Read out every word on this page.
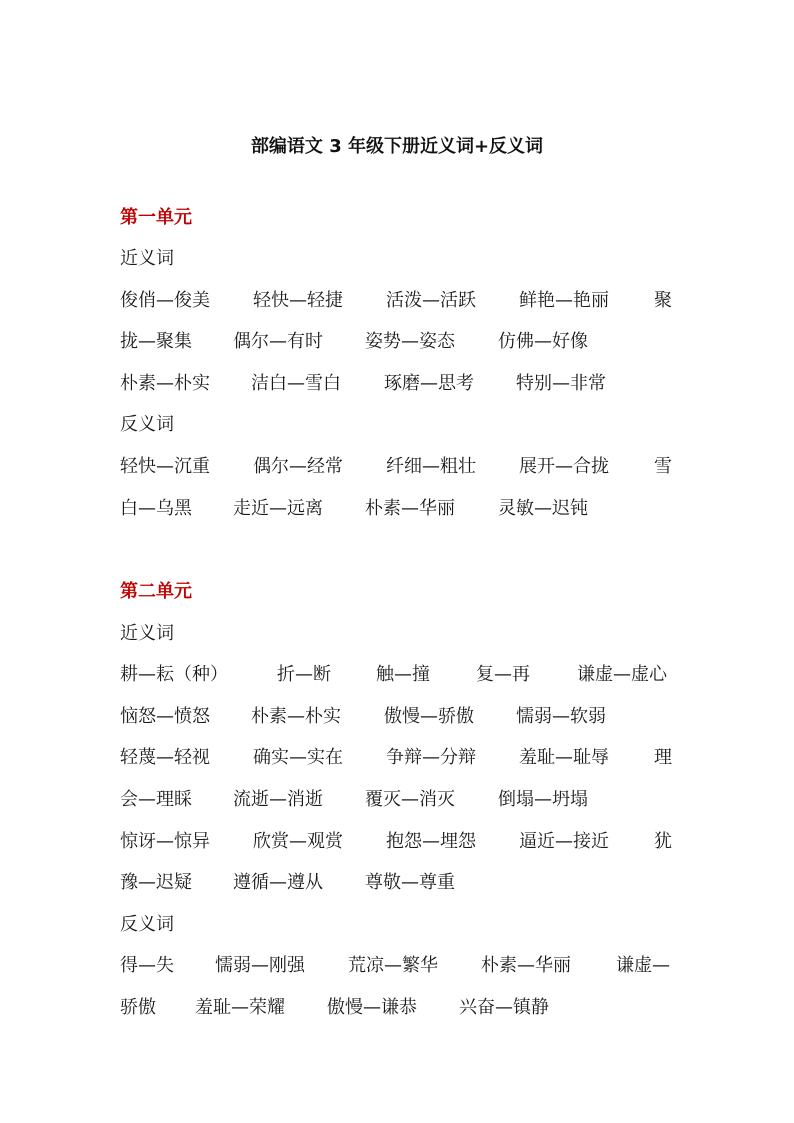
部编语文 3 年级下册近义词+反义词
第一单元
近义词
俊俏—俊美 轻快—轻捷 活泼—活跃 鲜艳—艳丽	聚
拢—聚集 偶尔—有时 姿势—姿态 仿佛—好像
朴素—朴实 洁白—雪白 琢磨—思考 特别—非常
反义词
轻快—沉重 偶尔—经常 纤细—粗壮 展开—合拢	雪
白—乌黑 走近—远离 朴素—华丽 灵敏—迟钝
第二单元
近义词
耕—耘（种）	折—断	触—撞	复—再	谦虚—虚心
恼怒—愤怒 朴素—朴实 傲慢—骄傲 懦弱—软弱
轻蔑—轻视 确实—实在 争辩—分辩 羞耻—耻辱	理
会—理睬 流逝—消逝 覆灭—消灭 倒塌—坍塌
惊讶—惊异 欣赏—观赏 抱怨—埋怨 逼近—接近	犹
豫—迟疑 遵循—遵从 尊敬—尊重
反义词
得—失 懦弱—刚强 荒凉—繁华 朴素—华丽	谦虚—
骄傲 羞耻—荣耀 傲慢—谦恭 兴奋—镇静
